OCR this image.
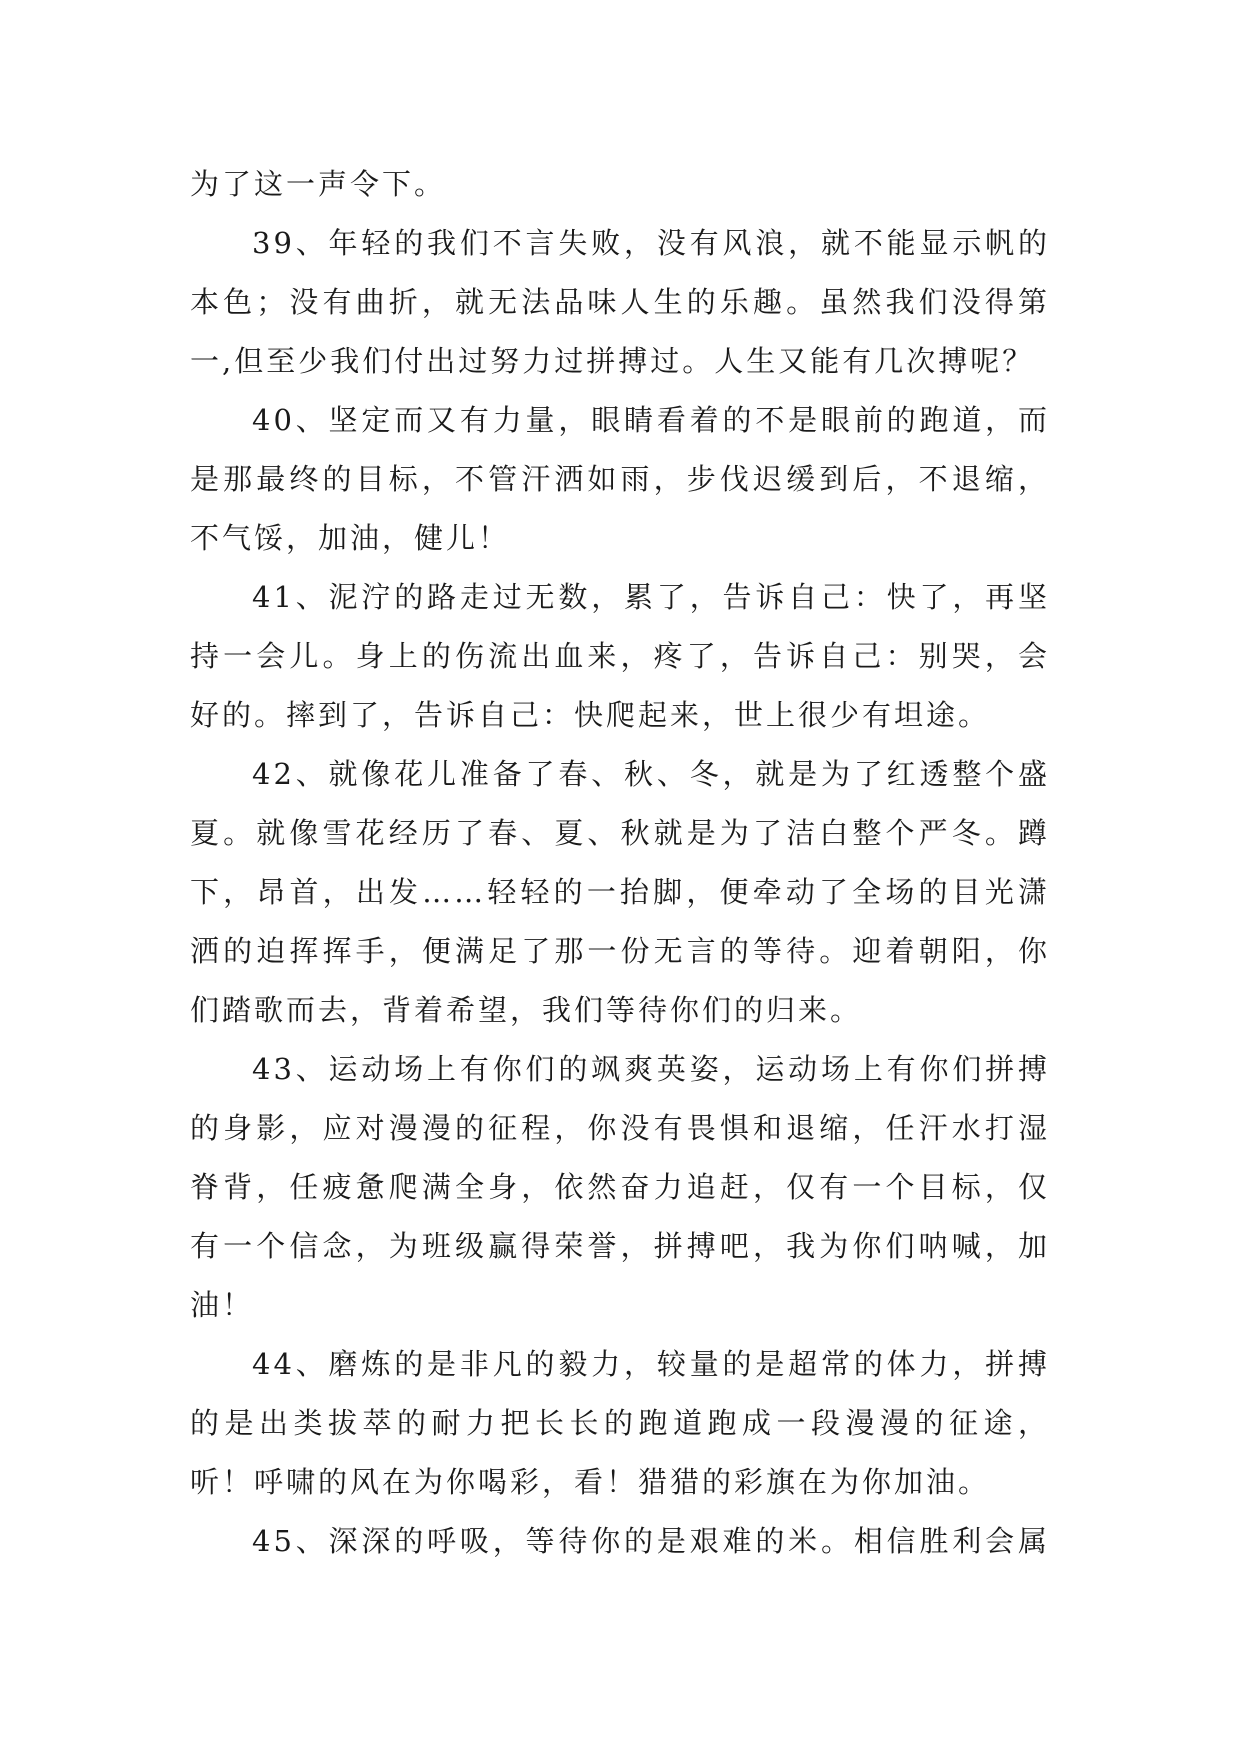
为了这一声令下。
39、年轻的我们不言失败，没有风浪，就不能显示帆的
本色；没有曲折，就无法品味人生的乐趣。虽然我们没得第
一,但至少我们付出过努力过拼搏过。人生又能有几次搏呢？
40、坚定而又有力量，眼睛看着的不是眼前的跑道，而
是那最终的目标，不管汗洒如雨，步伐迟缓到后，不退缩，
不气馁，加油，健儿！
41、泥泞的路走过无数，累了，告诉自己：快了，再坚
持一会儿。身上的伤流出血来，疼了，告诉自己：别哭，会
好的。摔到了，告诉自己：快爬起来，世上很少有坦途。
42、就像花儿准备了春、秋、冬，就是为了红透整个盛
夏。就像雪花经历了春、夏、秋就是为了洁白整个严冬。蹲
下，昂首，出发……轻轻的一抬脚，便牵动了全场的目光潇
洒的迫挥挥手，便满足了那一份无言的等待。迎着朝阳，你
们踏歌而去，背着希望，我们等待你们的归来。
43、运动场上有你们的飒爽英姿，运动场上有你们拼搏
的身影，应对漫漫的征程，你没有畏惧和退缩，任汗水打湿
脊背，任疲惫爬满全身，依然奋力追赶，仅有一个目标，仅
有一个信念，为班级赢得荣誉，拼搏吧，我为你们呐喊，加
油！
44、磨炼的是非凡的毅力，较量的是超常的体力，拼搏
的是出类拔萃的耐力把长长的跑道跑成一段漫漫的征途，
听！呼啸的风在为你喝彩，看！猎猎的彩旗在为你加油。
45、深深的呼吸，等待你的是艰难的米。相信胜利会属
